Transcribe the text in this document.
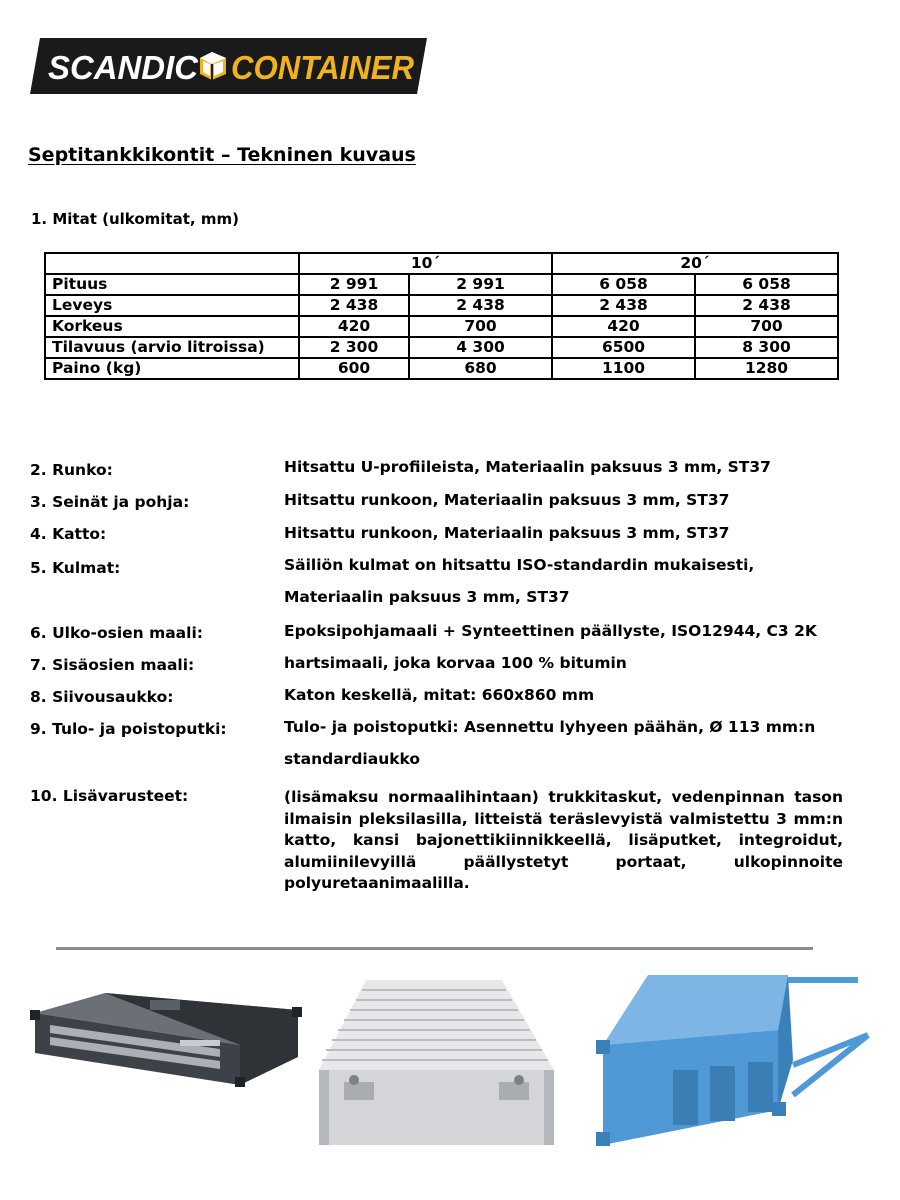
SCANDIC CONTAINER
Septitankkikontit – Tekninen kuvaus
1. Mitat (ulkomitat, mm)
	10´		20´	
Pituus	2 991	2 991	6 058	6 058
Leveys	2 438	2 438	2 438	2 438
Korkeus	420	700	420	700
Tilavuus (arvio litroissa)	2 300	4 300	6500	8 300
Paino (kg)	600	680	1100	1280
2. Runko:	Hitsattu U-profiileista, Materiaalin paksuus 3 mm, ST37
3. Seinät ja pohja:	Hitsattu runkoon, Materiaalin paksuus 3 mm, ST37
4. Katto:	Hitsattu runkoon, Materiaalin paksuus 3 mm, ST37
5. Kulmat:	Säiliön kulmat on hitsattu ISO-standardin mukaisesti,
Materiaalin paksuus 3 mm, ST37
6. Ulko-osien maali:	Epoksipohjamaali + Synteettinen päällyste, ISO12944, C3 2K
7. Sisäosien maali:	hartsimaali, joka korvaa 100 % bitumin
8. Siivousaukko:	Katon keskellä, mitat: 660x860 mm
9. Tulo- ja poistoputki:	Tulo- ja poistoputki: Asennettu lyhyeen päähän, Ø 113 mm:n
standardiaukko
10. Lisävarusteet:	(lisämaksu normaalihintaan) trukkitaskut, vedenpinnan tason ilmaisin pleksilasilla, litteistä teräslevyistä valmistettu 3 mm:n katto, kansi bajonettikiinnikkeellä, lisäputket, integroidut, alumiinilevyillä päällystetyt portaat, ulkopinnoite polyuretaanimaalilla.
